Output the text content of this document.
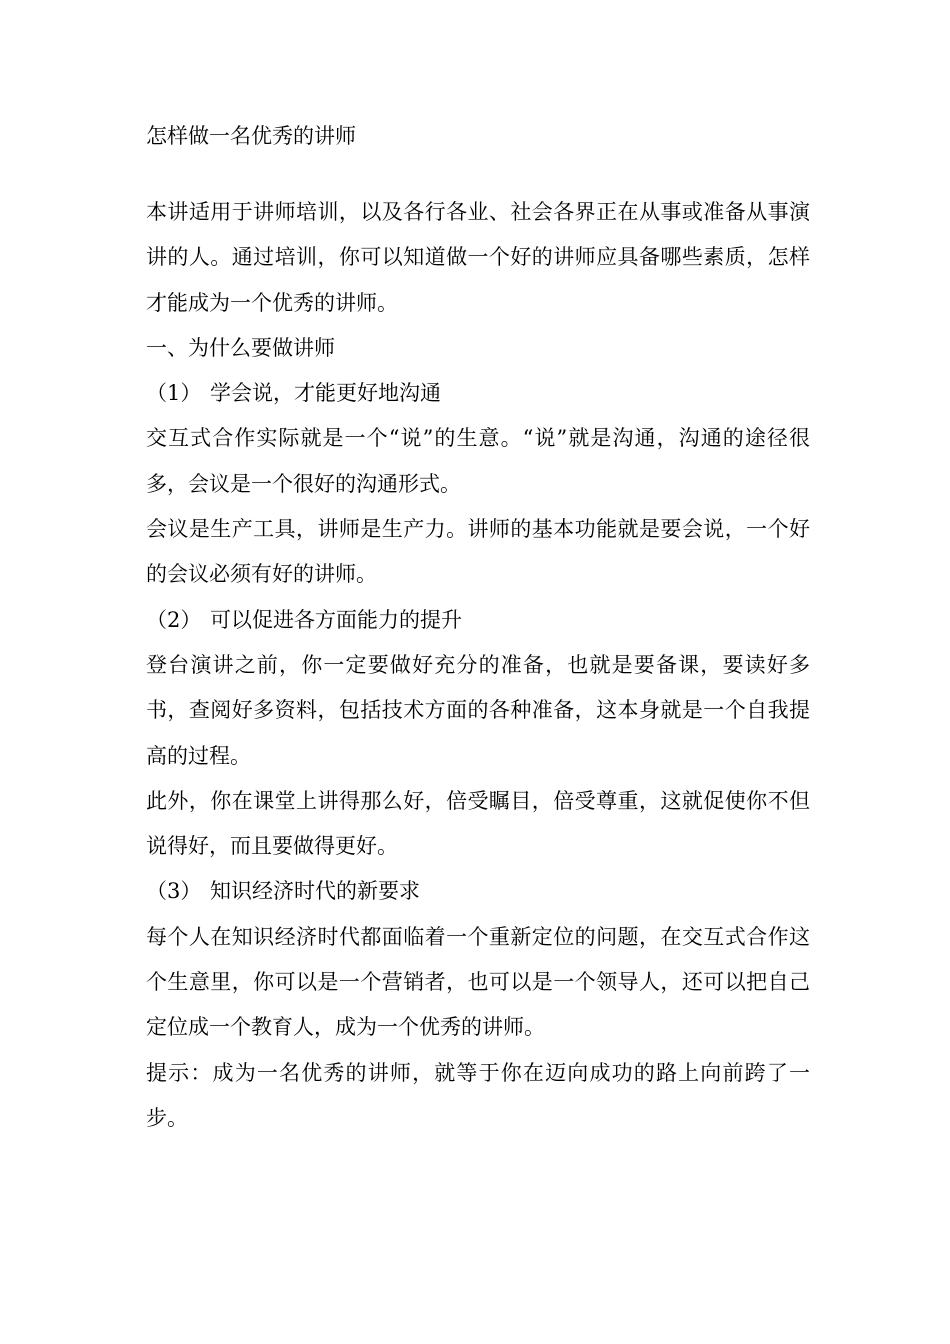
怎样做一名优秀的讲师

本讲适用于讲师培训，以及各行各业、社会各界正在从事或准备从事演讲的人。通过培训，你可以知道做一个好的讲师应具备哪些素质，怎样才能成为一个优秀的讲师。

一、为什么要做讲师

（1） 学会说，才能更好地沟通

交互式合作实际就是一个“说”的生意。“说”就是沟通，沟通的途径很多，会议是一个很好的沟通形式。

会议是生产工具，讲师是生产力。讲师的基本功能就是要会说，一个好的会议必须有好的讲师。

（2） 可以促进各方面能力的提升

登台演讲之前，你一定要做好充分的准备，也就是要备课，要读好多书，查阅好多资料，包括技术方面的各种准备，这本身就是一个自我提高的过程。

此外，你在课堂上讲得那么好，倍受瞩目，倍受尊重，这就促使你不但说得好，而且要做得更好。

（3） 知识经济时代的新要求

每个人在知识经济时代都面临着一个重新定位的问题，在交互式合作这个生意里，你可以是一个营销者，也可以是一个领导人，还可以把自己定位成一个教育人，成为一个优秀的讲师。

提示：成为一名优秀的讲师，就等于你在迈向成功的路上向前跨了一步。
